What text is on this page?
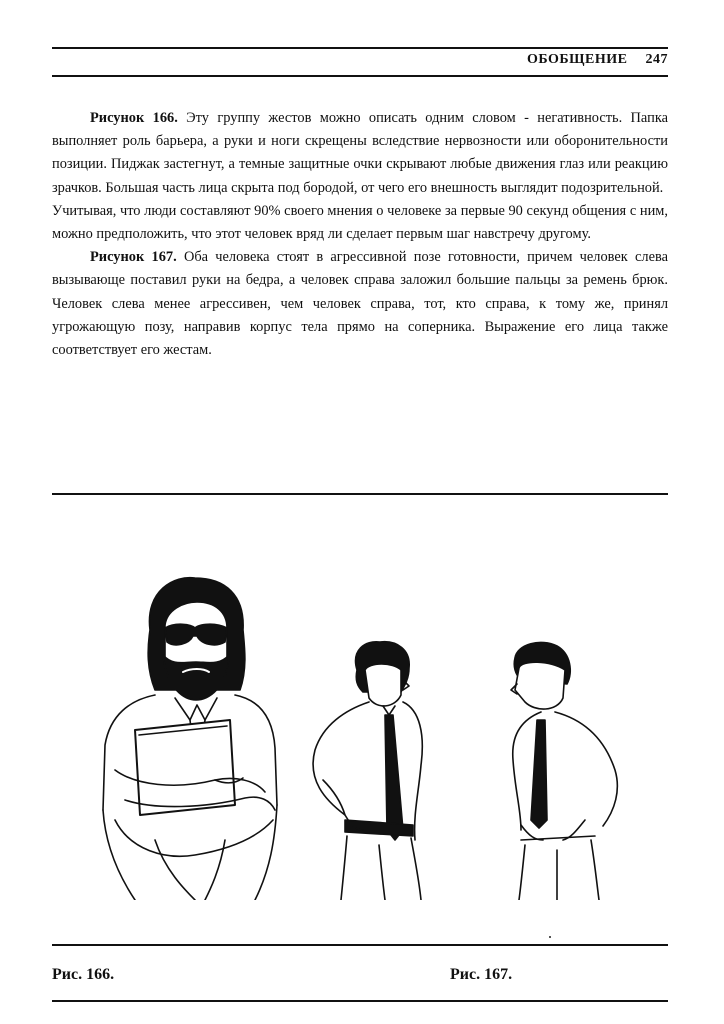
ОБОБЩЕНИЕ 247

Рисунок 166. Эту группу жестов можно описать одним словом - негативность. Папка выполняет роль барьера, а руки и ноги скрещены вследствие нервозности или оборонительности позиции. Пиджак застегнут, а темные защитные очки скрывают любые движения глаз или реакцию зрачков. Большая часть лица скрыта под бородой, от чего его внешность выглядит подозрительной.

Учитывая, что люди составляют 90% своего мнения о человеке за первые 90 секунд общения с ним, можно предположить, что этот человек вряд ли сделает первым шаг навстречу другому.

Рисунок 167. Оба человека стоят в агрессивной позе готовности, причем человек слева вызывающе поставил руки на бедра, а человек справа заложил большие пальцы за ремень брюк. Человек слева менее агрессивен, чем человек справа, тот, кто справа, к тому же, принял угрожающую позу, направив корпус тела прямо на соперника. Выражение его лица также соответствует его жестам.

Рис. 166.	Рис. 167.
